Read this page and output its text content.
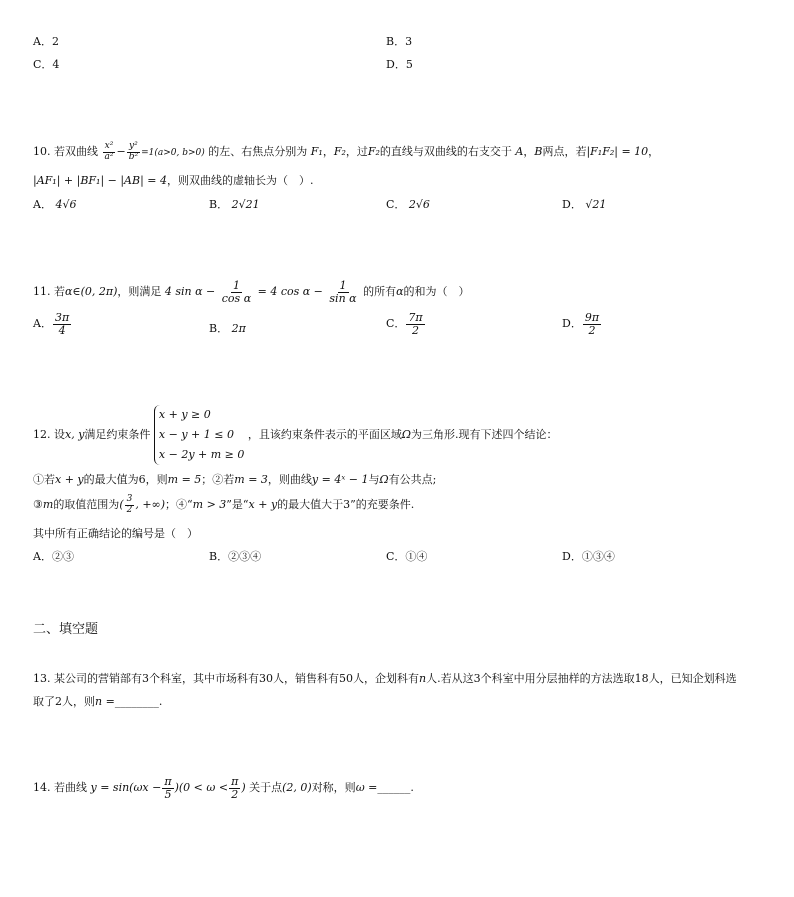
A．2	B．3
C．4	D．5
10. 若双曲线 $\frac{\text{x²}}{\text{a²}} - \frac{\text{y²}}{\text{b²}} =1(a>0$, b>0) 的左、右焦点分别为 F₁，F₂，过F₂的直线与双曲线的右支交于 A，B两点，若|F₁F₂| = 10，
|AF₁| + |BF₁| − |AB| = 4，则双曲线的虚轴长为（　）.
A． 4√6	B． 2√21	C． 2√6	D． √21
11. 若α∈(0, 2π)，则满足 4 $\sin \alpha - \frac{1}{\text{cos α}} = 4$ $\cos \alpha - \frac{1}{\text{sin α}}$ 的所有α的和为（　）
A． $\frac{3\pi}{4}$	B． 2π	C． $\frac{7\pi}{2}$	D． $\frac{9\pi}{2}$
12. 设x, y满足约束条件
x + y ≥ 0
x − y + 1 ≤ 0
x − 2y + m ≥ 0
，且该约束条件表示的平面区域Ω为三角形.现有下述四个结论：
①若x + y的最大值为6，则m = 5；②若m = 3，则曲线y = 4ˣ − 1与Ω有公共点;
③m的取值范围为( $\frac{3}{2}$ , +∞)；④“m > 3”是“x + y的最大值大于3”的充要条件.
其中所有正确结论的编号是（　）
A．②③	B．②③④	C．①④	D．①③④
二、填空题
13. 某公司的营销部有3个科室，其中市场科有30人，销售科有50人，企划科有n人.若从这3个科室中用分层抽样的方法选取18人，已知企划科选
取了2人，则n =________.
14. 若曲线 $y = \sin(\omega x - \frac{\pi}{5} )(0 < \omega < \frac{\pi}{2}$ ) 关于点(2, 0)对称，则ω =______.
